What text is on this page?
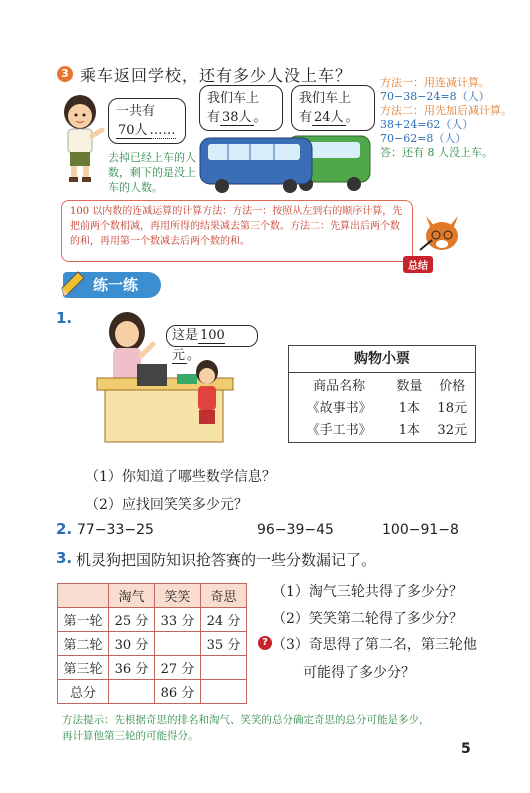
3 乘车返回学校，还有多少人没上车？
一共有
70人 ……
去掉已经上车的人数，剩下的是没上车的人数。
我们车上
有 38人 。
我们车上
有 24人 。
方法一：用连减计算。
70−38−24=8（人）
方法二：用先加后减计算。
38+24=62（人）
70−62=8（人）
答：还有 8 人没上车。
100 以内数的连减运算的计算方法：方法一：按照从左到右的顺序计算，先把前两个数相减，再用所得的结果减去第三个数。方法二：先算出后两个数的和，再用第一个数减去后两个数的和。
总结
练一练
1.
这是 100 元 。	购物小票
商品名称	数量	价格
《故事书》	1本	18元
《手工书》	1本	32元
（1）你知道了哪些数学信息？
（2）应找回笑笑多少元？
2. 77−33−25	96−39−45	100−91−8
3. 机灵狗把国防知识抢答赛的一些分数漏记了。
	淘气	笑笑	奇思
第一轮	25 分	33 分	24 分
第二轮	30 分		35 分
第三轮	36 分	27 分	
总分		86 分	
（1）淘气三轮共得了多少分？
（2）笑笑第二轮得了多少分？
? （3）奇思得了第二名，第三轮他
可能得了多少分？
方法提示：先根据奇思的排名和淘气、笑笑的总分确定奇思的总分可能是多少，
再计算他第三轮的可能得分。
5
